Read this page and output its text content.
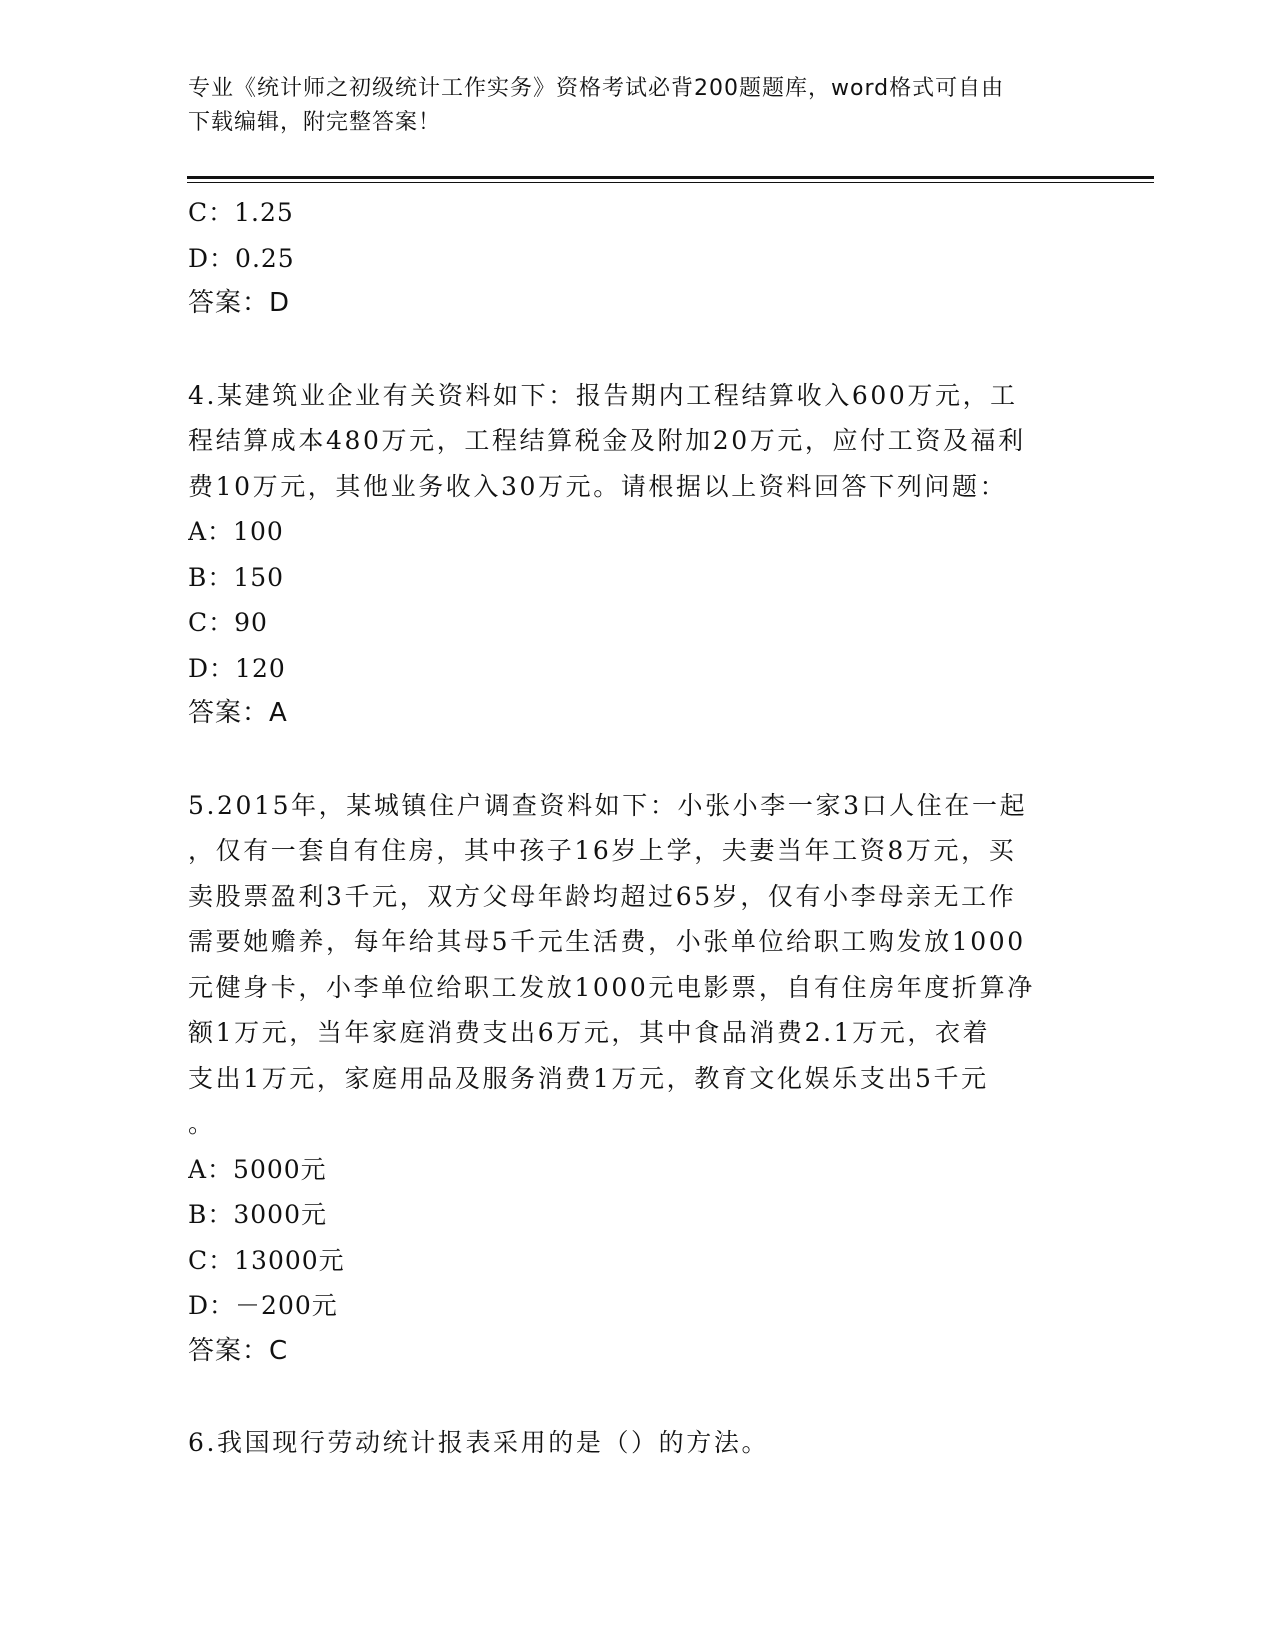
专业《统计师之初级统计工作实务》资格考试必背200题题库，word格式可自由
下载编辑，附完整答案！
C：1.25
D：0.25
答案：D
4.某建筑业企业有关资料如下：报告期内工程结算收入600万元，工
程结算成本480万元，工程结算税金及附加20万元，应付工资及福利
费10万元，其他业务收入30万元。请根据以上资料回答下列问题：
A：100
B：150
C：90
D：120
答案：A
5.2015年，某城镇住户调查资料如下：小张小李一家3口人住在一起
，仅有一套自有住房，其中孩子16岁上学，夫妻当年工资8万元，买
卖股票盈利3千元，双方父母年龄均超过65岁，仅有小李母亲无工作
需要她赡养，每年给其母5千元生活费，小张单位给职工购发放1000
元健身卡，小李单位给职工发放1000元电影票，自有住房年度折算净
额1万元，当年家庭消费支出6万元，其中食品消费2.1万元，衣着
支出1万元，家庭用品及服务消费1万元，教育文化娱乐支出5千元
。
A：5000元
B：3000元
C：13000元
D：－200元
答案：C
6.我国现行劳动统计报表采用的是（）的方法。
